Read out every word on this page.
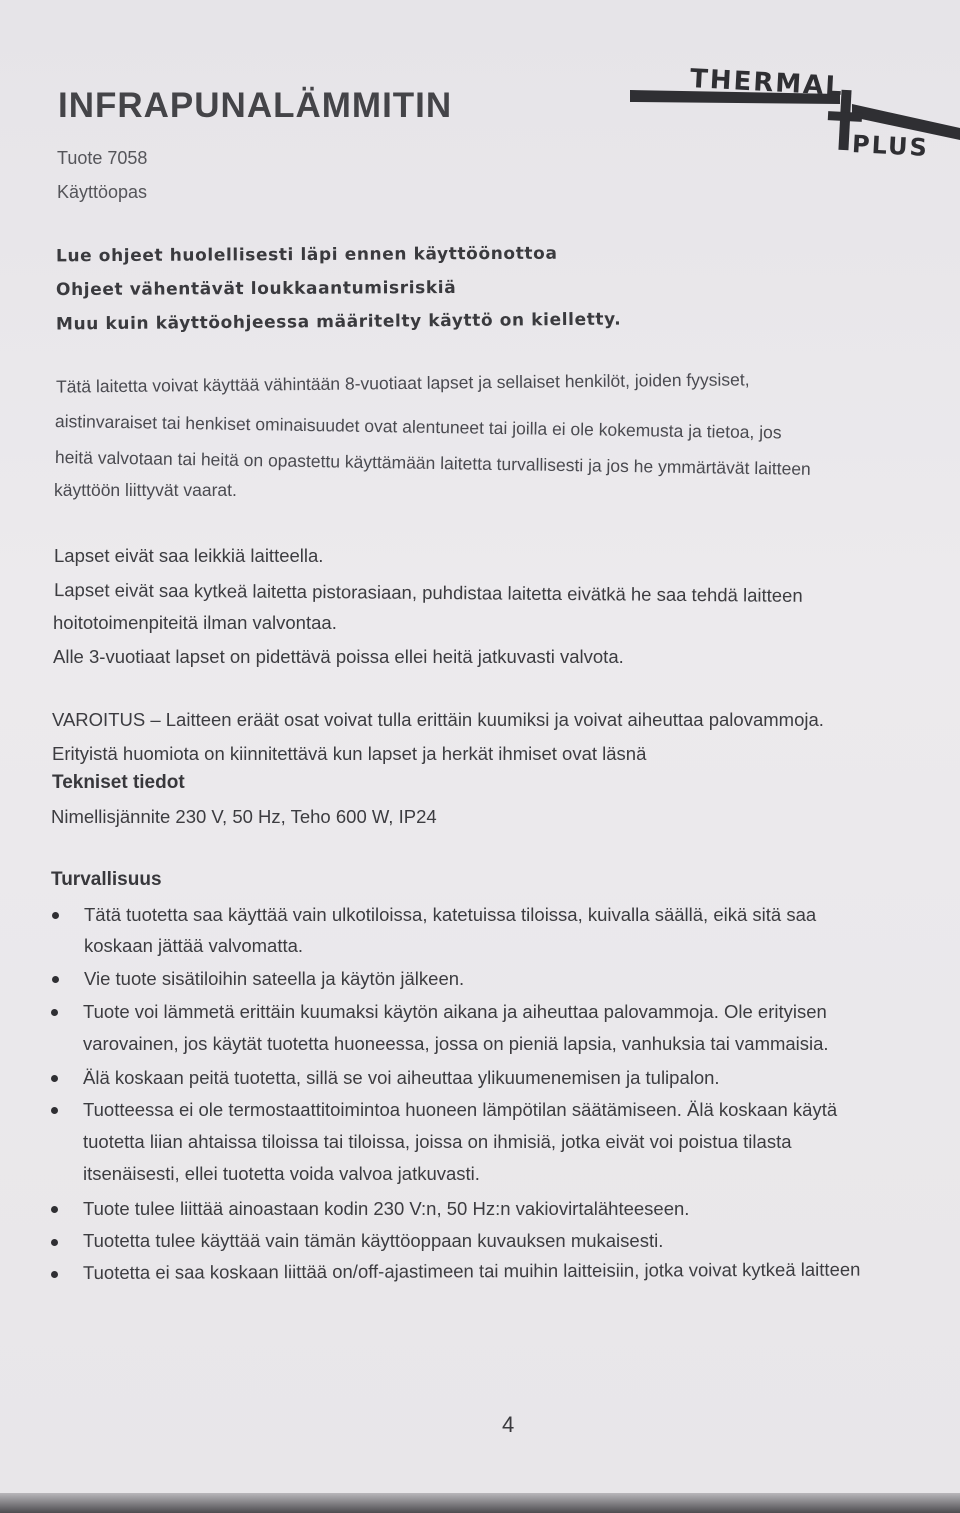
INFRAPUNALÄMMITIN
Tuote 7058
Käyttöopas
THERMAL
PLUS
Lue ohjeet huolellisesti läpi ennen käyttöönottoa
Ohjeet vähentävät loukkaantumisriskiä
Muu kuin käyttöohjeessa määritelty käyttö on kielletty.
Tätä laitetta voivat käyttää vähintään 8-vuotiaat lapset ja sellaiset henkilöt, joiden fyysiset,
aistinvaraiset tai henkiset ominaisuudet ovat alentuneet tai joilla ei ole kokemusta ja tietoa, jos
heitä valvotaan tai heitä on opastettu käyttämään laitetta turvallisesti ja jos he ymmärtävät laitteen
käyttöön liittyvät vaarat.
Lapset eivät saa leikkiä laitteella.
Lapset eivät saa kytkeä laitetta pistorasiaan, puhdistaa laitetta eivätkä he saa tehdä laitteen
hoitotoimenpiteitä ilman valvontaa.
Alle 3-vuotiaat lapset on pidettävä poissa ellei heitä jatkuvasti valvota.
VAROITUS – Laitteen eräät osat voivat tulla erittäin kuumiksi ja voivat aiheuttaa palovammoja.
Erityistä huomiota on kiinnitettävä kun lapset ja herkät ihmiset ovat läsnä
Tekniset tiedot
Nimellisjännite 230 V, 50 Hz, Teho 600 W, IP24
Turvallisuus
Tätä tuotetta saa käyttää vain ulkotiloissa, katetuissa tiloissa, kuivalla säällä, eikä sitä saa
koskaan jättää valvomatta.
Vie tuote sisätiloihin sateella ja käytön jälkeen.
Tuote voi lämmetä erittäin kuumaksi käytön aikana ja aiheuttaa palovammoja. Ole erityisen
varovainen, jos käytät tuotetta huoneessa, jossa on pieniä lapsia, vanhuksia tai vammaisia.
Älä koskaan peitä tuotetta, sillä se voi aiheuttaa ylikuumenemisen ja tulipalon.
Tuotteessa ei ole termostaattitoimintoa huoneen lämpötilan säätämiseen. Älä koskaan käytä
tuotetta liian ahtaissa tiloissa tai tiloissa, joissa on ihmisiä, jotka eivät voi poistua tilasta
itsenäisesti, ellei tuotetta voida valvoa jatkuvasti.
Tuote tulee liittää ainoastaan kodin 230 V:n, 50 Hz:n vakiovirtalähteeseen.
Tuotetta tulee käyttää vain tämän käyttöoppaan kuvauksen mukaisesti.
Tuotetta ei saa koskaan liittää on/off-ajastimeen tai muihin laitteisiin, jotka voivat kytkeä laitteen
4
